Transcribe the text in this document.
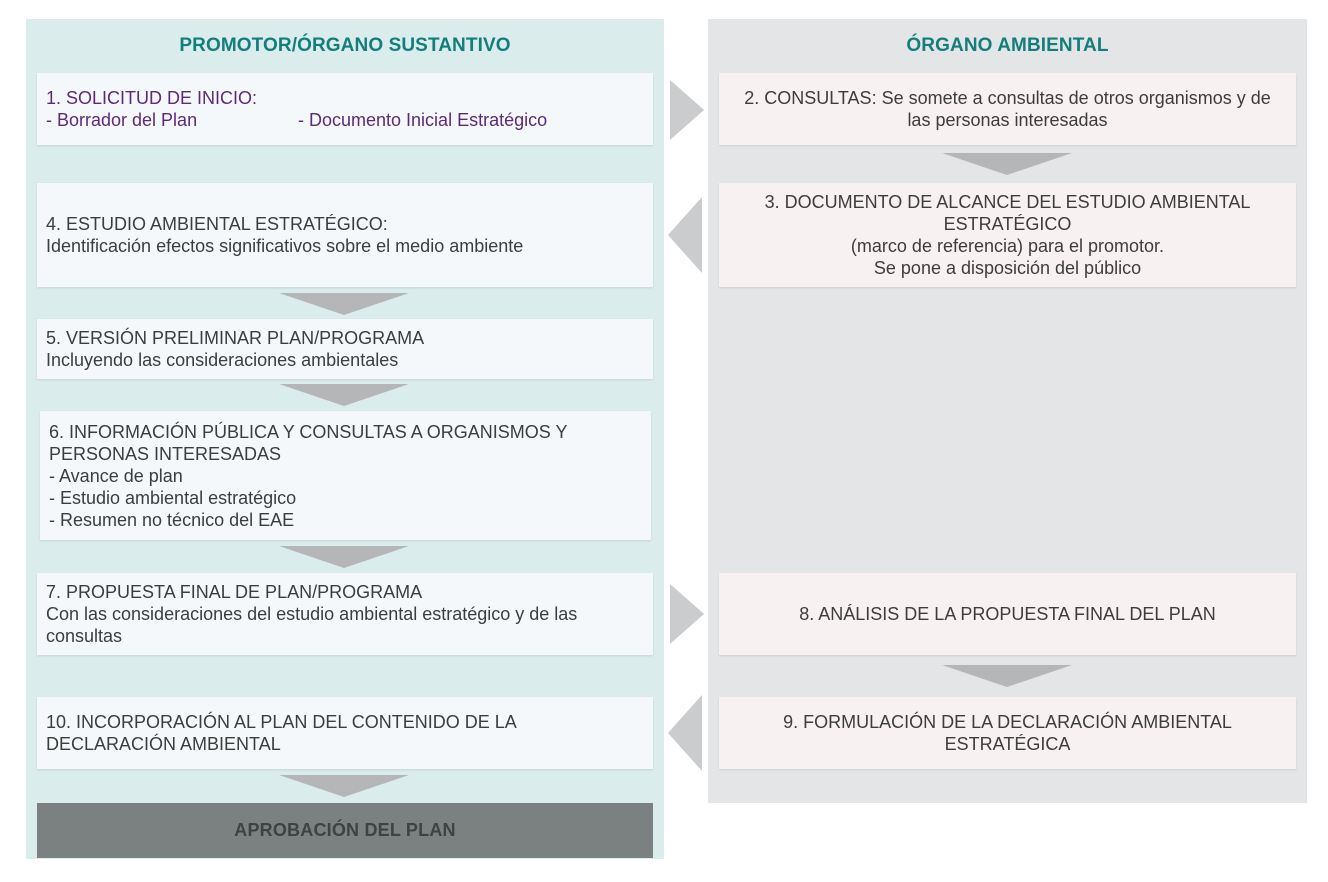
PROMOTOR/ÓRGANO SUSTANTIVO	ÓRGANO AMBIENTAL
1. SOLICITUD DE INICIO:
- Borrador del Plan	- Documento Inicial Estratégico
2. CONSULTAS: Se somete a consultas de otros organismos y de las personas interesadas
3. DOCUMENTO DE ALCANCE DEL ESTUDIO AMBIENTAL ESTRATÉGICO
(marco de referencia) para el promotor.
Se pone a disposición del público
4. ESTUDIO AMBIENTAL ESTRATÉGICO:
Identificación efectos significativos sobre el medio ambiente
5. VERSIÓN PRELIMINAR PLAN/PROGRAMA
Incluyendo las consideraciones ambientales
6. INFORMACIÓN PÚBLICA Y CONSULTAS A ORGANISMOS Y PERSONAS INTERESADAS
- Avance de plan
- Estudio ambiental estratégico
- Resumen no técnico del EAE
7. PROPUESTA FINAL DE PLAN/PROGRAMA
Con las consideraciones del estudio ambiental estratégico y de las consultas
8. ANÁLISIS DE LA PROPUESTA FINAL DEL PLAN
9. FORMULACIÓN DE LA DECLARACIÓN AMBIENTAL ESTRATÉGICA
10. INCORPORACIÓN AL PLAN DEL CONTENIDO DE LA DECLARACIÓN AMBIENTAL
APROBACIÓN DEL PLAN
